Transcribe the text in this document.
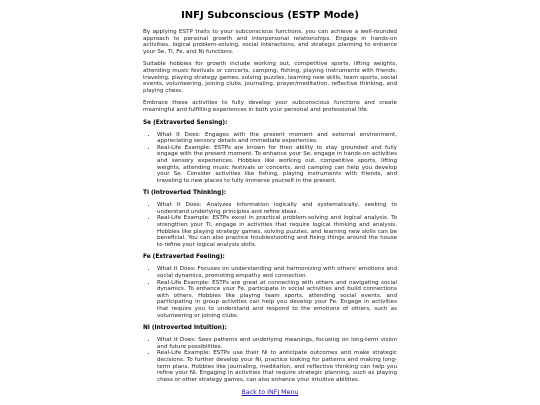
INFJ Subconscious (ESTP Mode)

By applying ESTP traits to your subconscious functions, you can achieve a well-rounded approach to personal growth and interpersonal relationships. Engage in hands-on activities, logical problem-solving, social interactions, and strategic planning to enhance your Se, Ti, Fe, and Ni functions.

Suitable hobbies for growth include working out, competitive sports, lifting weights, attending music festivals or concerts, camping, fishing, playing instruments with friends, traveling, playing strategy games, solving puzzles, learning new skills, team sports, social events, volunteering, joining clubs, journaling, prayer/meditation, reflective thinking, and playing chess.

Embrace these activities to fully develop your subconscious functions and create meaningful and fulfilling experiences in both your personal and professional life.

Se (Extraverted Sensing):
• What It Does: Engages with the present moment and external environment, appreciating sensory details and immediate experiences.
• Real-Life Example: ESTPs are known for their ability to stay grounded and fully engage with the present moment. To enhance your Se, engage in hands-on activities and sensory experiences. Hobbies like working out, competitive sports, lifting weights, attending music festivals or concerts, and camping can help you develop your Se. Consider activities like fishing, playing instruments with friends, and traveling to new places to fully immerse yourself in the present.
Ti (Introverted Thinking):
• What It Does: Analyzes information logically and systematically, seeking to understand underlying principles and refine ideas.
• Real-Life Example: ESTPs excel in practical problem-solving and logical analysis. To strengthen your Ti, engage in activities that require logical thinking and analysis. Hobbies like playing strategy games, solving puzzles, and learning new skills can be beneficial. You can also practice troubleshooting and fixing things around the house to refine your logical analysis skills.
Fe (Extraverted Feeling):
• What It Does: Focuses on understanding and harmonizing with others' emotions and social dynamics, promoting empathy and connection.
• Real-Life Example: ESTPs are great at connecting with others and navigating social dynamics. To enhance your Fe, participate in social activities and build connections with others. Hobbies like playing team sports, attending social events, and participating in group activities can help you develop your Fe. Engage in activities that require you to understand and respond to the emotions of others, such as volunteering or joining clubs.
Ni (Introverted Intuition):
• What It Does: Sees patterns and underlying meanings, focusing on long-term vision and future possibilities.
• Real-Life Example: ESTPs use their Ni to anticipate outcomes and make strategic decisions. To further develop your Ni, practice looking for patterns and making long-term plans. Hobbies like journaling, meditation, and reflective thinking can help you refine your Ni. Engaging in activities that require strategic planning, such as playing chess or other strategy games, can also enhance your intuitive abilities.
Back to INFJ Menu
